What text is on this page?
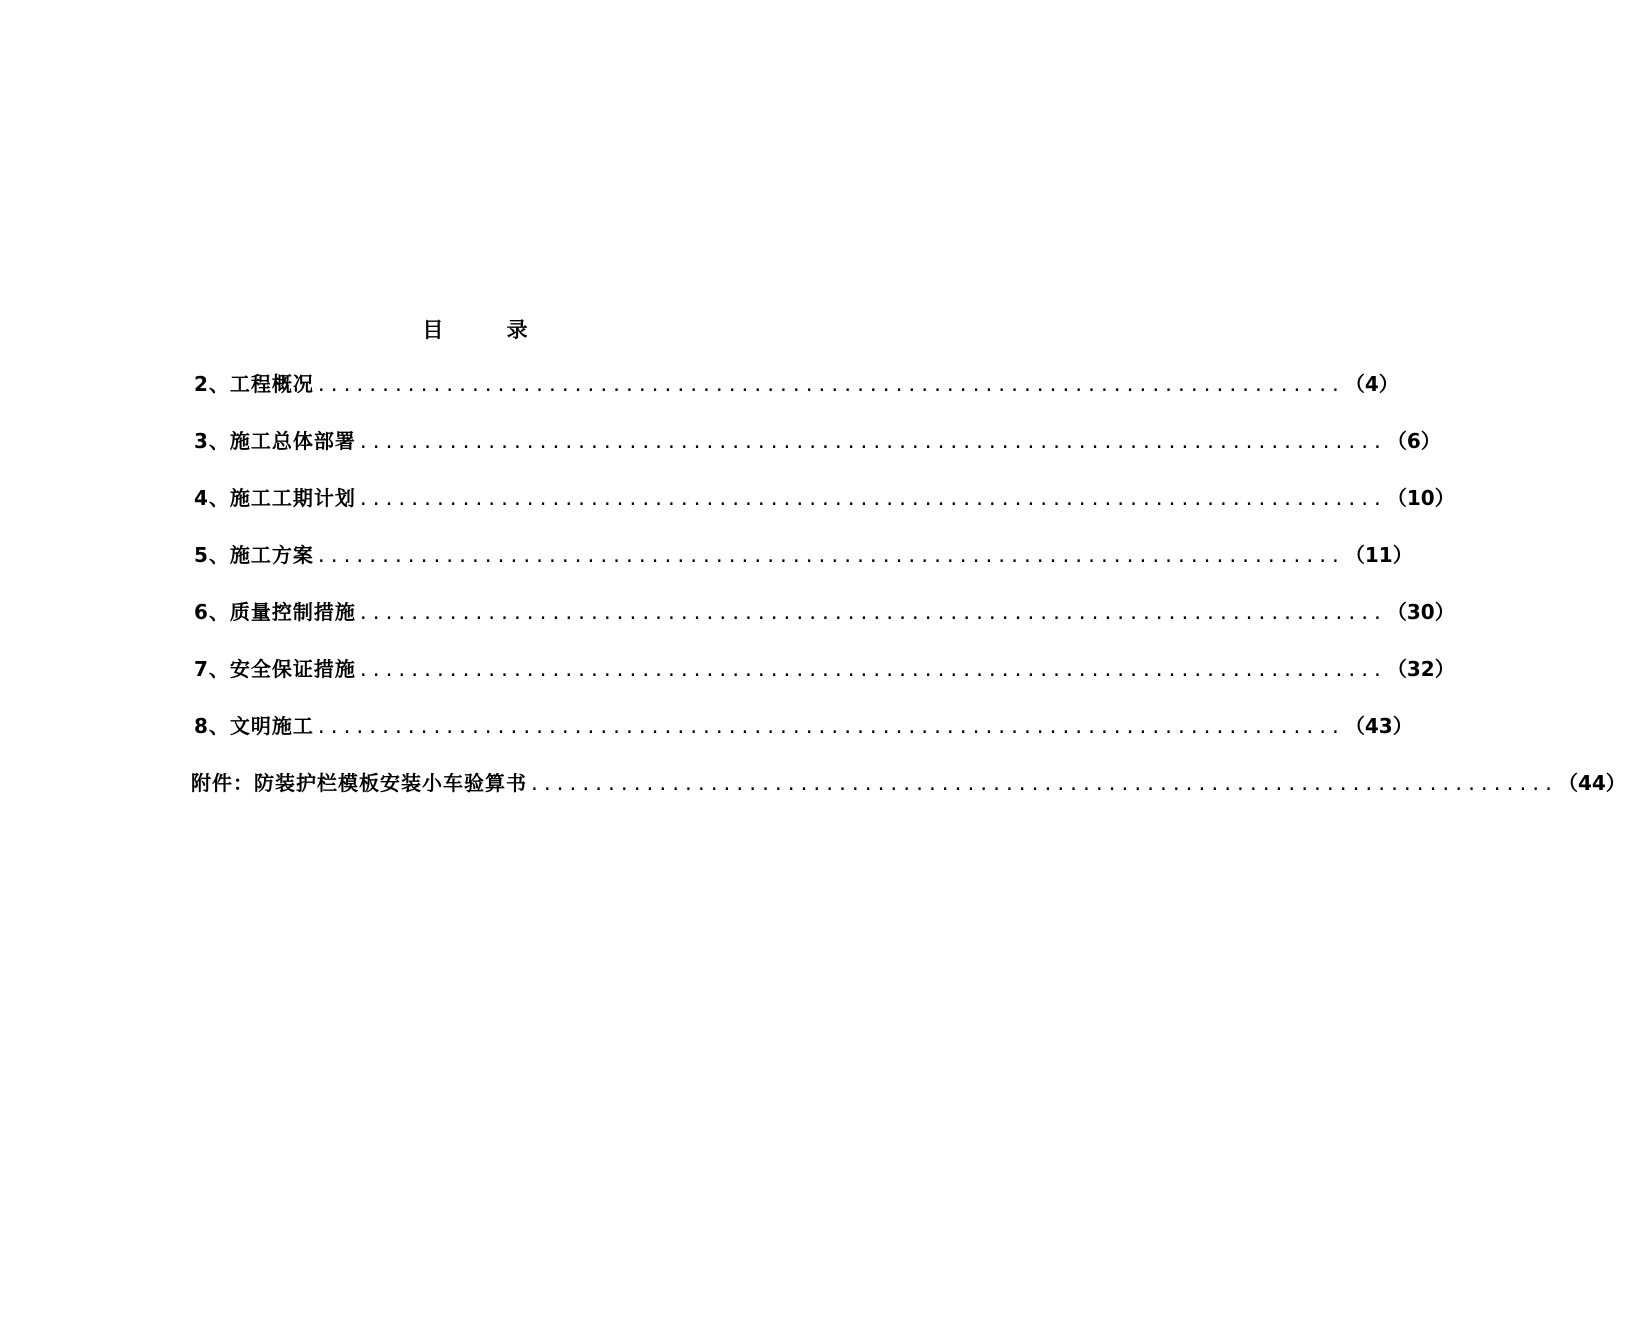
目 录
2、工程概况 ................................................................................ （4）
3、施工总体部署 ................................................................................ （6）
4、施工工期计划 ................................................................................ （10）
5、施工方案 ................................................................................ （11）
6、质量控制措施 ................................................................................ （30）
7、安全保证措施 ................................................................................ （32）
8、文明施工 ................................................................................ （43）
附件：防装护栏模板安装小车验算书 ................................................................................ （44）
